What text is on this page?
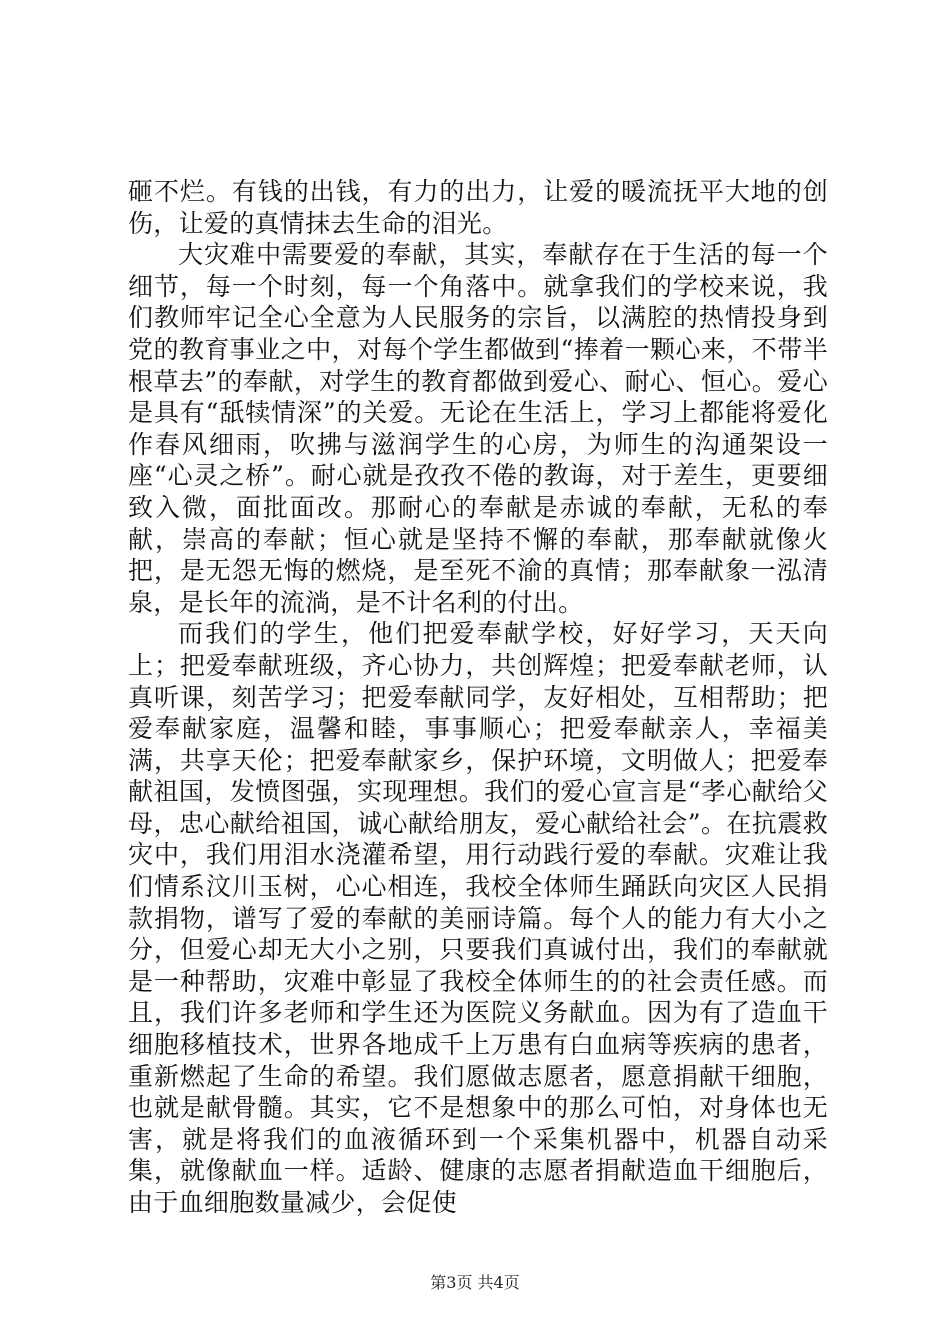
砸不烂。有钱的出钱，有力的出力，让爱的暖流抚平大地的创伤，让爱的真情抹去生命的泪光。

大灾难中需要爱的奉献，其实，奉献存在于生活的每一个细节，每一个时刻，每一个角落中。就拿我们的学校来说，我们教师牢记全心全意为人民服务的宗旨，以满腔的热情投身到党的教育事业之中，对每个学生都做到“捧着一颗心来，不带半根草去”的奉献，对学生的教育都做到爱心、耐心、恒心。爱心是具有“舐犊情深”的关爱。无论在生活上，学习上都能将爱化作春风细雨，吹拂与滋润学生的心房，为师生的沟通架设一座“心灵之桥”。耐心就是孜孜不倦的教诲，对于差生，更要细致入微，面批面改。那耐心的奉献是赤诚的奉献，无私的奉献，崇高的奉献；恒心就是坚持不懈的奉献，那奉献就像火把，是无怨无悔的燃烧，是至死不渝的真情；那奉献象一泓清泉，是长年的流淌，是不计名利的付出。

而我们的学生，他们把爱奉献学校，好好学习，天天向上；把爱奉献班级，齐心协力，共创辉煌；把爱奉献老师，认真听课，刻苦学习；把爱奉献同学，友好相处，互相帮助；把爱奉献家庭，温馨和睦，事事顺心；把爱奉献亲人，幸福美满，共享天伦；把爱奉献家乡，保护环境，文明做人；把爱奉献祖国，发愤图强，实现理想。我们的爱心宣言是“孝心献给父母，忠心献给祖国，诚心献给朋友，爱心献给社会”。在抗震救灾中，我们用泪水浇灌希望，用行动践行爱的奉献。灾难让我们情系汶川玉树，心心相连，我校全体师生踊跃向灾区人民捐款捐物，谱写了爱的奉献的美丽诗篇。每个人的能力有大小之分，但爱心却无大小之别，只要我们真诚付出，我们的奉献就是一种帮助，灾难中彰显了我校全体师生的的社会责任感。而且，我们许多老师和学生还为医院义务献血。因为有了造血干细胞移植技术，世界各地成千上万患有白血病等疾病的患者，重新燃起了生命的希望。我们愿做志愿者，愿意捐献干细胞，也就是献骨髓。其实，它不是想象中的那么可怕，对身体也无害，就是将我们的血液循环到一个采集机器中，机器自动采集，就像献血一样。适龄、健康的志愿者捐献造血干细胞后，由于血细胞数量减少，会促使

第3页 共4页
